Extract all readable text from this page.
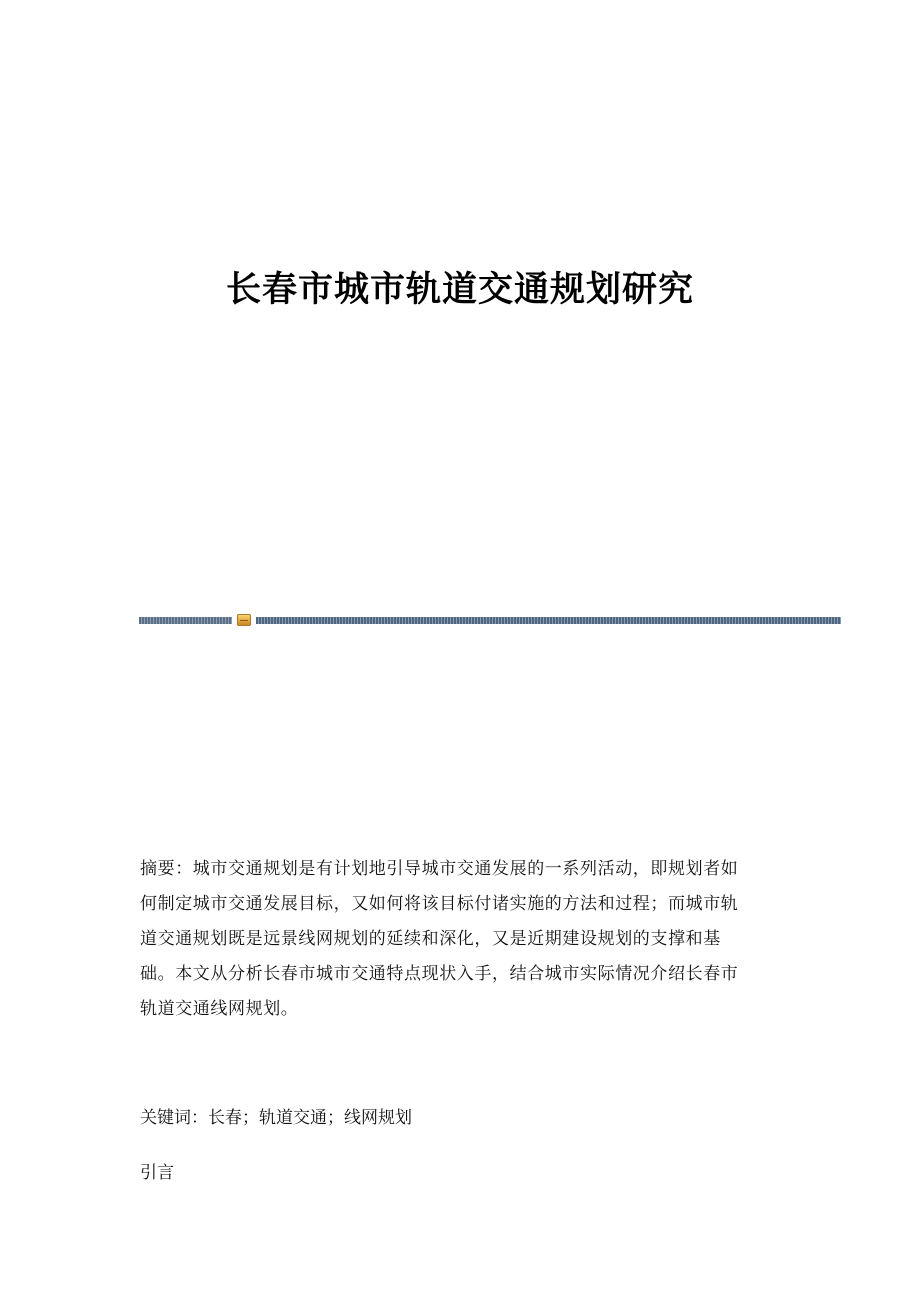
长春市城市轨道交通规划研究
摘要：城市交通规划是有计划地引导城市交通发展的一系列活动，即规划者如
何制定城市交通发展目标，又如何将该目标付诸实施的方法和过程；而城市轨
道交通规划既是远景线网规划的延续和深化，又是近期建设规划的支撑和基
础。本文从分析长春市城市交通特点现状入手，结合城市实际情况介绍长春市
轨道交通线网规划。

关键词：长春；轨道交通；线网规划

引言
